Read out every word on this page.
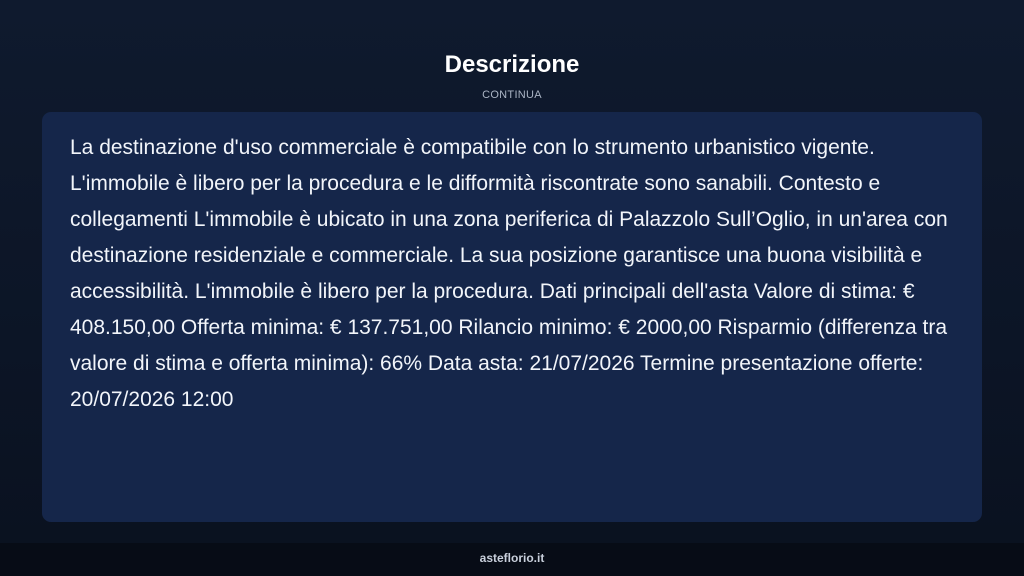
Descrizione
CONTINUA

La destinazione d'uso commerciale è compatibile con lo strumento urbanistico vigente. L'immobile è libero per la procedura e le difformità riscontrate sono sanabili. Contesto e collegamenti L'immobile è ubicato in una zona periferica di Palazzolo Sull’Oglio, in un'area con destinazione residenziale e commerciale. La sua posizione garantisce una buona visibilità e accessibilità. L'immobile è libero per la procedura. Dati principali dell'asta Valore di stima: € 408.150,00 Offerta minima: € 137.751,00 Rilancio minimo: € 2000,00 Risparmio (differenza tra valore di stima e offerta minima): 66% Data asta: 21/07/2026 Termine presentazione offerte: 20/07/2026 12:00

asteflorio.it
